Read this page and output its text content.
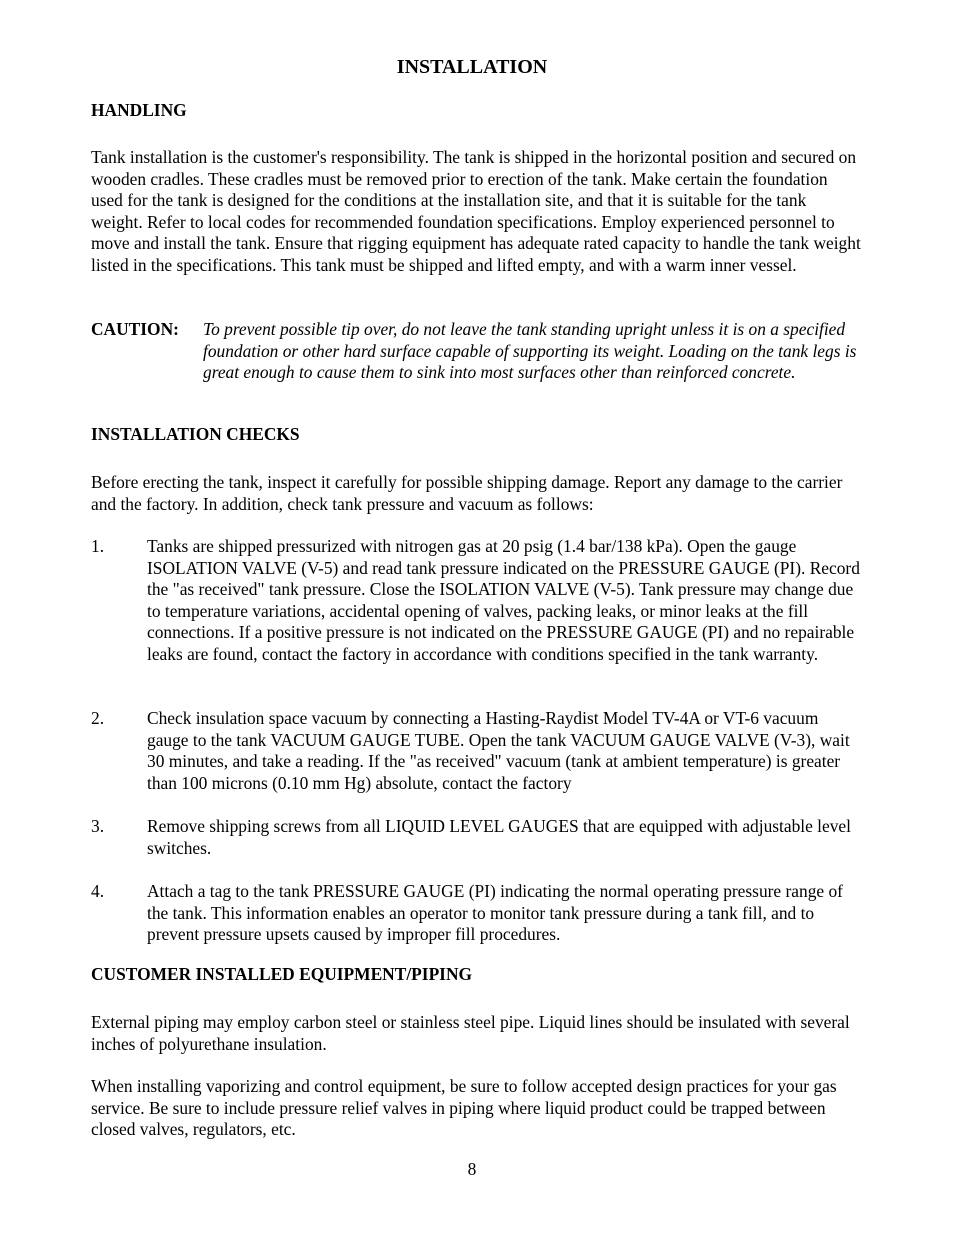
INSTALLATION
HANDLING

Tank installation is the customer's responsibility. The tank is shipped in the horizontal position and secured on wooden cradles. These cradles must be removed prior to erection of the tank. Make certain the foundation used for the tank is designed for the conditions at the installation site, and that it is suitable for the tank weight. Refer to local codes for recommended foundation specifications. Employ experienced personnel to move and install the tank. Ensure that rigging equipment has adequate rated capacity to handle the tank weight listed in the specifications. This tank must be shipped and lifted empty, and with a warm inner vessel.

CAUTION: To prevent possible tip over, do not leave the tank standing upright unless it is on a specified foundation or other hard surface capable of supporting its weight. Loading on the tank legs is great enough to cause them to sink into most surfaces other than reinforced concrete.

INSTALLATION CHECKS

Before erecting the tank, inspect it carefully for possible shipping damage. Report any damage to the carrier and the factory. In addition, check tank pressure and vacuum as follows:

1. Tanks are shipped pressurized with nitrogen gas at 20 psig (1.4 bar/138 kPa). Open the gauge ISOLATION VALVE (V-5) and read tank pressure indicated on the PRESSURE GAUGE (PI). Record the "as received" tank pressure. Close the ISOLATION VALVE (V-5). Tank pressure may change due to temperature variations, accidental opening of valves, packing leaks, or minor leaks at the fill connections. If a positive pressure is not indicated on the PRESSURE GAUGE (PI) and no repairable leaks are found, contact the factory in accordance with conditions specified in the tank warranty.

2. Check insulation space vacuum by connecting a Hasting-Raydist Model TV-4A or VT-6 vacuum gauge to the tank VACUUM GAUGE TUBE. Open the tank VACUUM GAUGE VALVE (V-3), wait 30 minutes, and take a reading. If the "as received" vacuum (tank at ambient temperature) is greater than 100 microns (0.10 mm Hg) absolute, contact the factory

3. Remove shipping screws from all LIQUID LEVEL GAUGES that are equipped with adjustable level switches.

4. Attach a tag to the tank PRESSURE GAUGE (PI) indicating the normal operating pressure range of the tank. This information enables an operator to monitor tank pressure during a tank fill, and to prevent pressure upsets caused by improper fill procedures.

CUSTOMER INSTALLED EQUIPMENT/PIPING

External piping may employ carbon steel or stainless steel pipe. Liquid lines should be insulated with several inches of polyurethane insulation.

When installing vaporizing and control equipment, be sure to follow accepted design practices for your gas service. Be sure to include pressure relief valves in piping where liquid product could be trapped between closed valves, regulators, etc.

8
